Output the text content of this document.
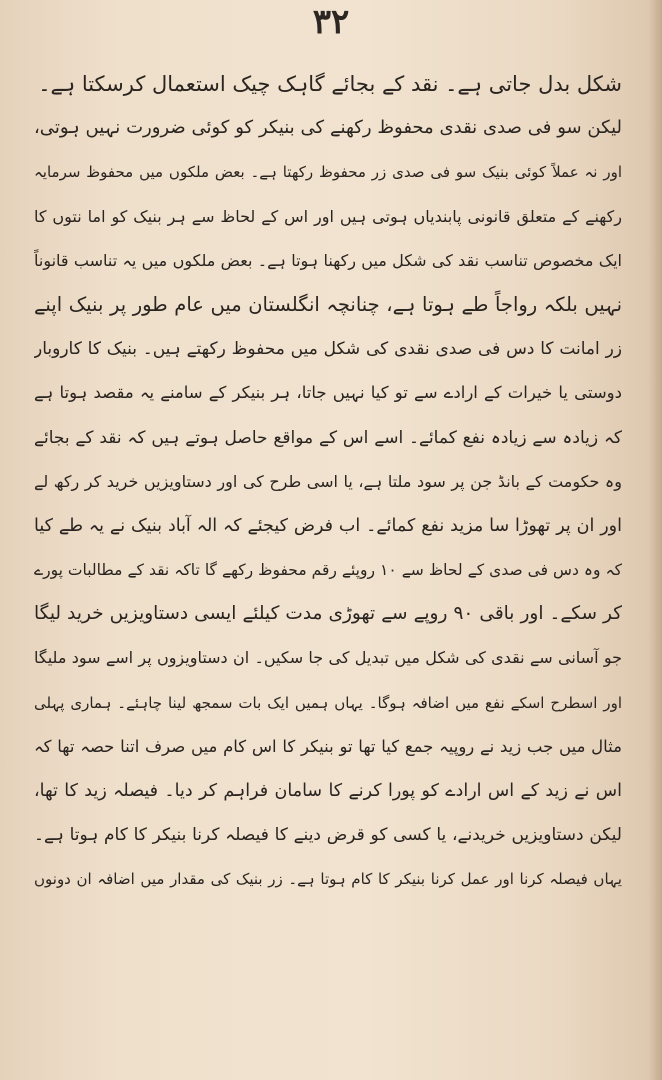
۳۲
شکل بدل جاتی ہے۔ نقد کے بجائے گاہک چیک استعمال کرسکتا ہے۔
لیکن سو فی صدی نقدی محفوظ رکھنے کی بنیکر کو کوئی ضرورت نہیں ہوتی،
اور نہ عملاً کوئی بنیک سو فی صدی زر محفوظ رکھتا ہے۔ بعض ملکوں میں محفوظ سرمایہ
رکھنے کے متعلق قانونی پابندیاں ہوتی ہیں اور اس کے لحاظ سے ہر بنیک کو اما نتوں کا
ایک مخصوص تناسب نقد کی شکل میں رکھنا ہوتا ہے۔ بعض ملکوں میں یہ تناسب قانوناً
نہیں بلکہ رواجاً طے ہوتا ہے، چنانچہ انگلستان میں عام طور پر بنیک اپنے
زر امانت کا دس فی صدی نقدی کی شکل میں محفوظ رکھتے ہیں۔ بنیک کا کاروبار
دوستی یا خیرات کے ارادے سے تو کیا نہیں جاتا، ہر بنیکر کے سامنے یہ مقصد ہوتا ہے
کہ زیادہ سے زیادہ نفع کمائے۔ اسے اس کے مواقع حاصل ہوتے ہیں کہ نقد کے بجائے
وہ حکومت کے بانڈ جن پر سود ملتا ہے، یا اسی طرح کی اور دستاویزیں خرید کر رکھ لے
اور ان پر تھوڑا سا مزید نفع کمائے۔ اب فرض کیجئے کہ الہ آباد بنیک نے یہ طے کیا
کہ وہ دس فی صدی کے لحاظ سے ۱۰ روپئے رقم محفوظ رکھے گا تاکہ نقد کے مطالبات پورے
کر سکے۔ اور باقی ۹۰ روپے سے تھوڑی مدت کیلئے ایسی دستاویزیں خرید لیگا
جو آسانی سے نقدی کی شکل میں تبدیل کی جا سکیں۔ ان دستاویزوں پر اسے سود ملیگا
اور اسطرح اسکے نفع میں اضافہ ہوگا۔ یہاں ہمیں ایک بات سمجھ لینا چاہئے۔ ہماری پہلی
مثال میں جب زید نے روپیہ جمع کیا تھا تو بنیکر کا اس کام میں صرف اتنا حصہ تھا کہ
اس نے زید کے اس ارادے کو پورا کرنے کا سامان فراہم کر دیا۔ فیصلہ زید کا تھا،
لیکن دستاویزیں خریدنے، یا کسی کو قرض دینے کا فیصلہ کرنا بنیکر کا کام ہوتا ہے۔
یہاں فیصلہ کرنا اور عمل کرنا بنیکر کا کام ہوتا ہے۔ زر بنیک کی مقدار میں اضافہ ان دونوں
